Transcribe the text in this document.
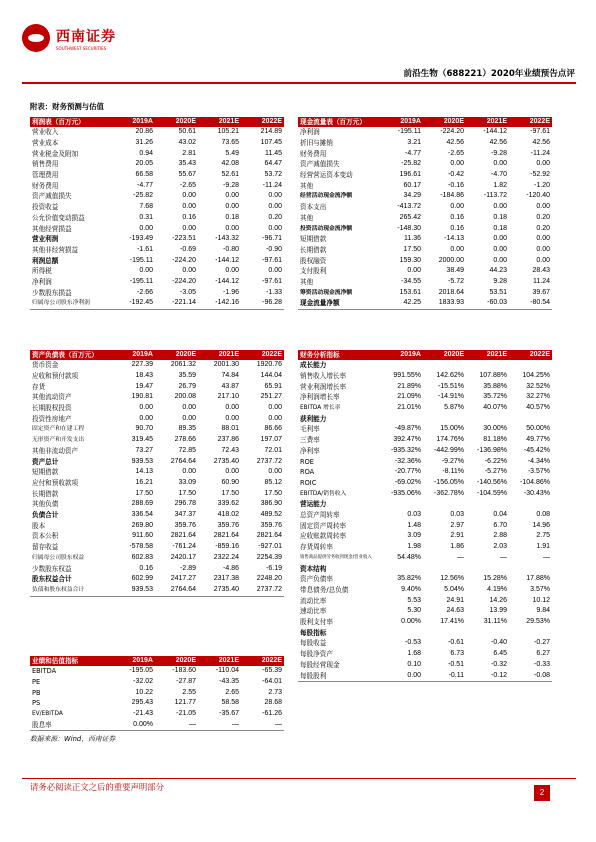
西南证券
SOUTHWEST SECURITIES
前沿生物（688221）2020年业绩预告点评
附表：财务预测与估值
利润表（百万元）	2019A	2020E	2021E	2022E
营业收入	20.86	50.61	105.21	214.89
营业成本	31.26	43.02	73.65	107.45
营业税金及附加	0.94	2.81	5.49	11.45
销售费用	20.05	35.43	42.08	64.47
管理费用	66.58	55.67	52.61	53.72
财务费用	-4.77	-2.65	-9.28	-11.24
资产减值损失	-25.82	0.00	0.00	0.00
投资收益	7.68	0.00	0.00	0.00
公允价值变动损益	0.31	0.16	0.18	0.20
其他经营损益	0.00	0.00	0.00	0.00
营业利润	-193.49	-223.51	-143.32	-96.71
其他非经营损益	-1.61	-0.69	-0.80	-0.90
利润总额	-195.11	-224.20	-144.12	-97.61
所得税	0.00	0.00	0.00	0.00
净利润	-195.11	-224.20	-144.12	-97.61
少数股东损益	-2.66	-3.05	-1.96	-1.33
归属母公司股东净利润	-192.45	-221.14	-142.16	-96.28
现金流量表（百万元）	2019A	2020E	2021E	2022E
净利润	-195.11	-224.20	-144.12	-97.61
折旧与摊销	3.21	42.56	42.56	42.56
财务费用	-4.77	-2.65	-9.28	-11.24
资产减值损失	-25.82	0.00	0.00	0.00
经营营运资本变动	196.61	-0.42	-4.70	-52.92
其他	60.17	-0.16	1.82	-1.20
经营活动现金流净额	34.29	-184.86	-113.72	-120.40
资本支出	-413.72	0.00	0.00	0.00
其他	265.42	0.16	0.18	0.20
投资活动现金流净额	-148.30	0.16	0.18	0.20
短期借款	11.36	-14.13	0.00	0.00
长期借款	17.50	0.00	0.00	0.00
股权融资	159.30	2000.00	0.00	0.00
支付股利	0.00	38.49	44.23	28.43
其他	-34.55	-5.72	9.28	11.24
筹资活动现金流净额	153.61	2018.64	53.51	39.67
现金流量净额	42.25	1833.93	-60.03	-80.54
资产负债表（百万元）	2019A	2020E	2021E	2022E
货币资金	227.39	2061.32	2001.30	1920.76
应收和预付款项	18.43	35.59	74.84	144.04
存货	19.47	26.79	43.87	65.91
其他流动资产	190.81	200.08	217.10	251.27
长期股权投资	0.00	0.00	0.00	0.00
投资性房地产	0.00	0.00	0.00	0.00
固定资产和在建工程	90.70	89.35	88.01	86.66
无形资产和开发支出	319.45	278.66	237.86	197.07
其他非流动资产	73.27	72.85	72.43	72.01
资产总计	939.53	2764.64	2735.40	2737.72
短期借款	14.13	0.00	0.00	0.00
应付和预收款项	16.21	33.09	60.90	85.12
长期借款	17.50	17.50	17.50	17.50
其他负债	288.69	296.78	339.62	386.90
负债合计	336.54	347.37	418.02	489.52
股本	269.80	359.76	359.76	359.76
资本公积	911.60	2821.64	2821.64	2821.64
留存收益	-578.58	-761.24	-859.16	-927.01
归属母公司股东权益	602.83	2420.17	2322.24	2254.39
少数股东权益	0.16	-2.89	-4.86	-6.19
股东权益合计	602.99	2417.27	2317.38	2248.20
负债和股东权益合计	939.53	2764.64	2735.40	2737.72
财务分析指标	2019A	2020E	2021E	2022E
成长能力				
销售收入增长率	991.55%	142.62%	107.88%	104.25%
营业利润增长率	21.89%	-15.51%	35.88%	32.52%
净利润增长率	21.09%	-14.91%	35.72%	32.27%
EBITDA 增长率	21.01%	5.87%	40.07%	40.57%
获利能力				
毛利率	-49.87%	15.00%	30.00%	50.00%
三费率	392.47%	174.76%	81.18%	49.77%
净利率	-935.32%	-442.99%	-136.98%	-45.42%
ROE	-32.36%	-9.27%	-6.22%	-4.34%
ROA	-20.77%	-8.11%	-5.27%	-3.57%
ROIC	-69.02%	-156.05%	-140.56%	-104.86%
EBITDA/销售收入	-935.06%	-362.78%	-104.59%	-30.43%
营运能力				
总资产周转率	0.03	0.03	0.04	0.08
固定资产周转率	1.48	2.97	6.70	14.96
应收账款周转率	3.09	2.91	2.88	2.75
存货周转率	1.98	1.86	2.03	1.91
销售商品提供劳务收到现金/营业收入	54.48%	—	—	—
资本结构				
资产负债率	35.82%	12.56%	15.28%	17.88%
带息债务/总负债	9.40%	5.04%	4.19%	3.57%
流动比率	5.53	24.91	14.26	10.12
速动比率	5.30	24.63	13.99	9.84
股利支付率	0.00%	17.41%	31.11%	29.53%
每股指标				
每股收益	-0.53	-0.61	-0.40	-0.27
每股净资产	1.68	6.73	6.45	6.27
每股经营现金	0.10	-0.51	-0.32	-0.33
每股股利	0.00	-0.11	-0.12	-0.08
业绩和估值指标	2019A	2020E	2021E	2022E
EBITDA	-195.05	-183.60	-110.04	-65.39
PE	-32.02	-27.87	-43.35	-64.01
PB	10.22	2.55	2.65	2.73
PS	295.43	121.77	58.58	28.68
EV/EBITDA	-21.43	-21.05	-35.67	-61.26
股息率	0.00%	—	—	—
数据来源：Wind，西南证券
请务必阅读正文之后的重要声明部分
2
